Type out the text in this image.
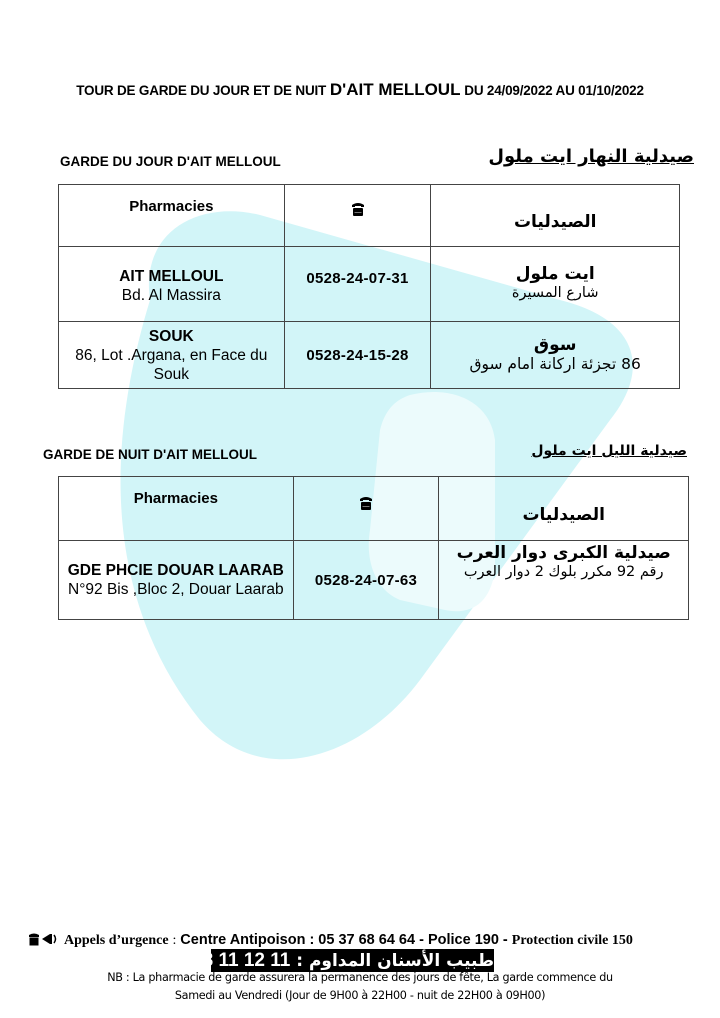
TOUR DE GARDE DU JOUR ET DE NUIT D'AIT MELLOUL DU 24/09/2022 AU 01/10/2022
GARDE DU JOUR D'AIT MELLOUL	صيدلية النهار ايت ملول
Pharmacies		الصيدليات

AIT MELLOUL
Bd. Al Massira	0528-24-07-31	ايت ملول
شارع المسيرة

SOUK
86, Lot .Argana, en Face du Souk	0528-24-15-28	سوق
86 تجزئة اركانة امام سوق
GARDE DE NUIT D'AIT MELLOUL	صيدلية الليل ايت ملول
Pharmacies		الصيدليات

GDE PHCIE DOUAR LAARAB
N°92 Bis ,Bloc 2, Douar Laarab	0528-24-07-63	صيدلية الكبرى دوار العرب
رقم 92 مكرر بلوك 2 دوار العرب
Appels d’urgence : Centre Antipoison : 05 37 68 64 64 - Police 190 - Protection civile 150
طبيب الأسنان المداوم : 06 08 11 12 11
NB : La pharmacie de garde assurera la permanence des jours de fête, La garde commence du
Samedi au Vendredi (Jour de 9H00 à 22H00 - nuit de 22H00 à 09H00)
